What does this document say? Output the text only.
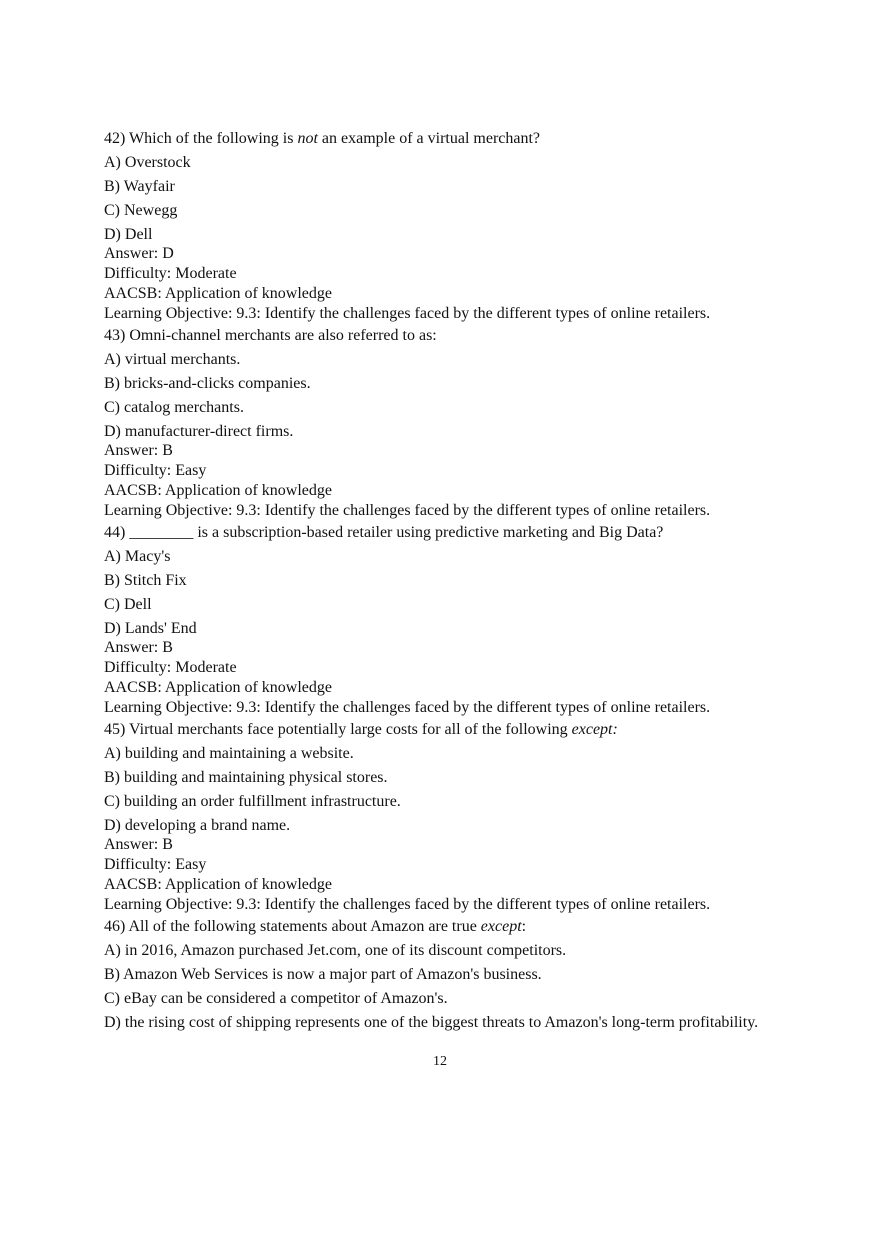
42) Which of the following is not an example of a virtual merchant?
A) Overstock
B) Wayfair
C) Newegg
D) Dell
Answer: D
Difficulty: Moderate
AACSB: Application of knowledge
Learning Objective: 9.3: Identify the challenges faced by the different types of online retailers.
43) Omni-channel merchants are also referred to as:
A) virtual merchants.
B) bricks-and-clicks companies.
C) catalog merchants.
D) manufacturer-direct firms.
Answer: B
Difficulty: Easy
AACSB: Application of knowledge
Learning Objective: 9.3: Identify the challenges faced by the different types of online retailers.
44) ________ is a subscription-based retailer using predictive marketing and Big Data?
A) Macy's
B) Stitch Fix
C) Dell
D) Lands' End
Answer: B
Difficulty: Moderate
AACSB: Application of knowledge
Learning Objective: 9.3: Identify the challenges faced by the different types of online retailers.
45) Virtual merchants face potentially large costs for all of the following except:
A) building and maintaining a website.
B) building and maintaining physical stores.
C) building an order fulfillment infrastructure.
D) developing a brand name.
Answer: B
Difficulty: Easy
AACSB: Application of knowledge
Learning Objective: 9.3: Identify the challenges faced by the different types of online retailers.
46) All of the following statements about Amazon are true except:
A) in 2016, Amazon purchased Jet.com, one of its discount competitors.
B) Amazon Web Services is now a major part of Amazon's business.
C) eBay can be considered a competitor of Amazon's.
D) the rising cost of shipping represents one of the biggest threats to Amazon's long-term profitability.
12
